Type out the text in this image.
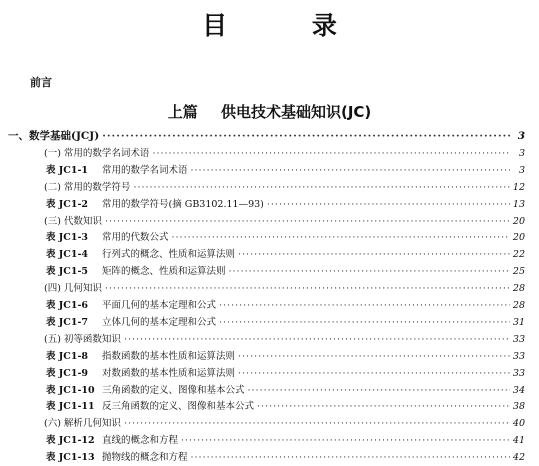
目 录
前言
上篇 供电技术基础知识(JC)
一、数学基础(JCJ) ·····	3
(一) 常用的数学名词术语 ·····	3
表 JC1-1	常用的数学名词术语 ·····	3
(二) 常用的数学符号 ·····	12
表 JC1-2	常用的数学符号(摘 GB3102.11—93) ·····	13
(三) 代数知识 ·····	20
表 JC1-3	常用的代数公式 ·····	20
表 JC1-4	行列式的概念、性质和运算法则 ·····	22
表 JC1-5	矩阵的概念、性质和运算法则 ·····	25
(四) 几何知识 ·····	28
表 JC1-6	平面几何的基本定理和公式 ·····	28
表 JC1-7	立体几何的基本定理和公式 ·····	31
(五) 初等函数知识 ·····	33
表 JC1-8	指数函数的基本性质和运算法则 ·····	33
表 JC1-9	对数函数的基本性质和运算法则 ·····	33
表 JC1-10 三角函数的定义、图像和基本公式 ·····	34
表 JC1-11 反三角函数的定义、图像和基本公式 ·····	38
(六) 解析几何知识 ·····	40
表 JC1-12 直线的概念和方程 ·····	41
表 JC1-13 抛物线的概念和方程 ·····	42
